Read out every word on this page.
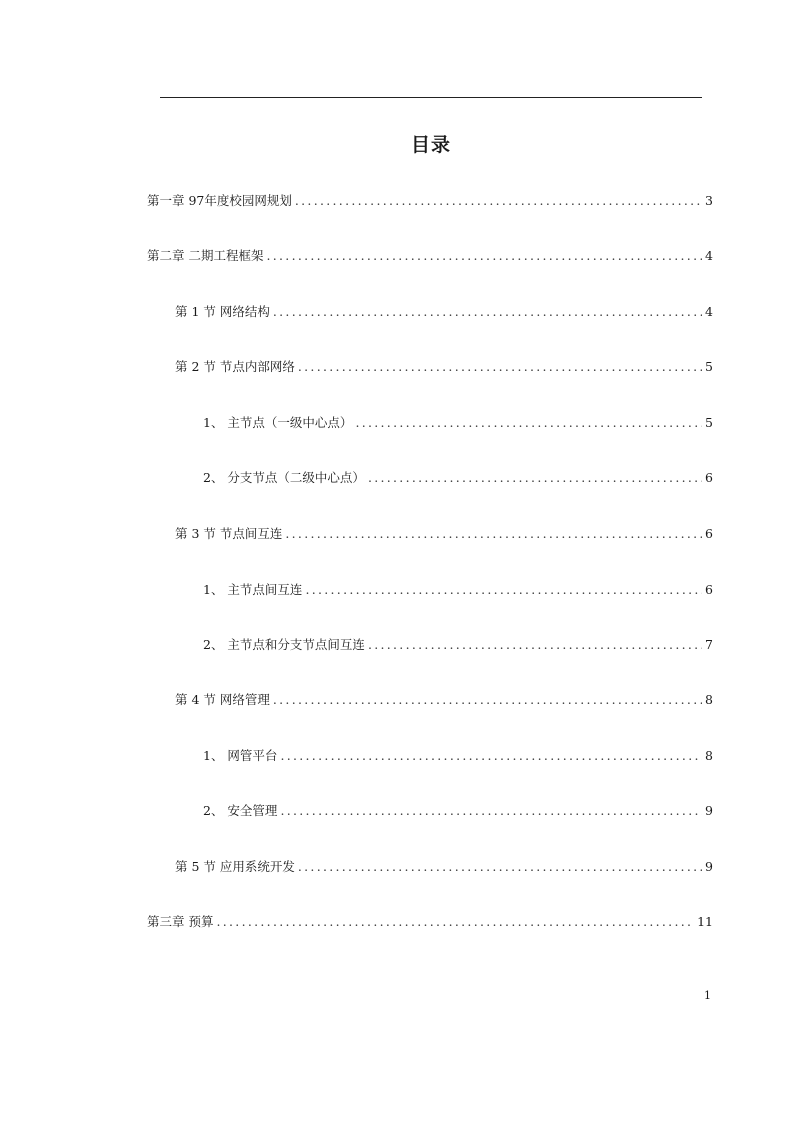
目录
第一章 97年度校园网规划 .....	3
第二章 二期工程框架 .....	4
第 1 节 网络结构 .....	4
第 2 节 节点内部网络 .....	5
1、 主节点（一级中心点） .....	5
2、 分支节点（二级中心点） .....	6
第 3 节 节点间互连 .....	6
1、 主节点间互连 .....	6
2、 主节点和分支节点间互连 .....	7
第 4 节 网络管理 .....	8
1、 网管平台 .....	8
2、 安全管理 .....	9
第 5 节 应用系统开发 .....	9
第三章 预算 .....	11
1
